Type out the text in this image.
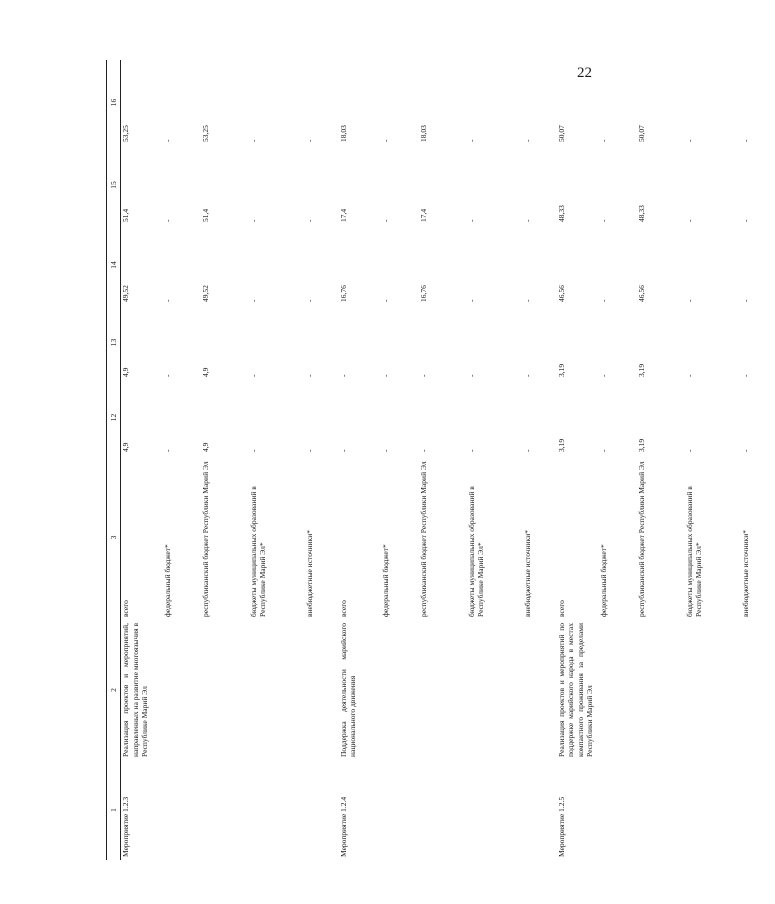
22
1	2	3	12	13	14	15	16
Мероприятие 1.2.3	Реализация проектов и мероприятий, направленных на развитие многоязычия в Республике Марий Эл	всего	4,9	4,9	49,52	51,4	53,25
		федеральный бюджет*	-	-	-	-	-
		республиканский бюджет Республики Марий Эл	4,9	4,9	49,52	51,4	53,25
		бюджеты муниципальных образований в Республике Марий Эл*	-	-	-	-	-
		внебюджетные источники*	-	-	-	-	-
Мероприятие 1.2.4	Поддержка деятельности марийского национального движения	всего	-	-	16,76	17,4	18,03
		федеральный бюджет*	-	-	-	-	-
		республиканский бюджет Республики Марий Эл	-	-	16,76	17,4	18,03
		бюджеты муниципальных образований в Республике Марий Эл*	-	-	-	-	-
		внебюджетные источники*	-	-	-	-	-
Мероприятие 1.2.5	Реализация проектов и мероприятий по поддержке марийского народа в местах компактного проживания за пределами Республики Марий Эл	всего	3,19	3,19	46,56	48,33	50,07
		федеральный бюджет*	-	-	-	-	-
		республиканский бюджет Республики Марий Эл	3,19	3,19	46,56	48,33	50,07
		бюджеты муниципальных образований в Республике Марий Эл*	-	-	-	-	-
		внебюджетные источники*	-	-	-	-	-
